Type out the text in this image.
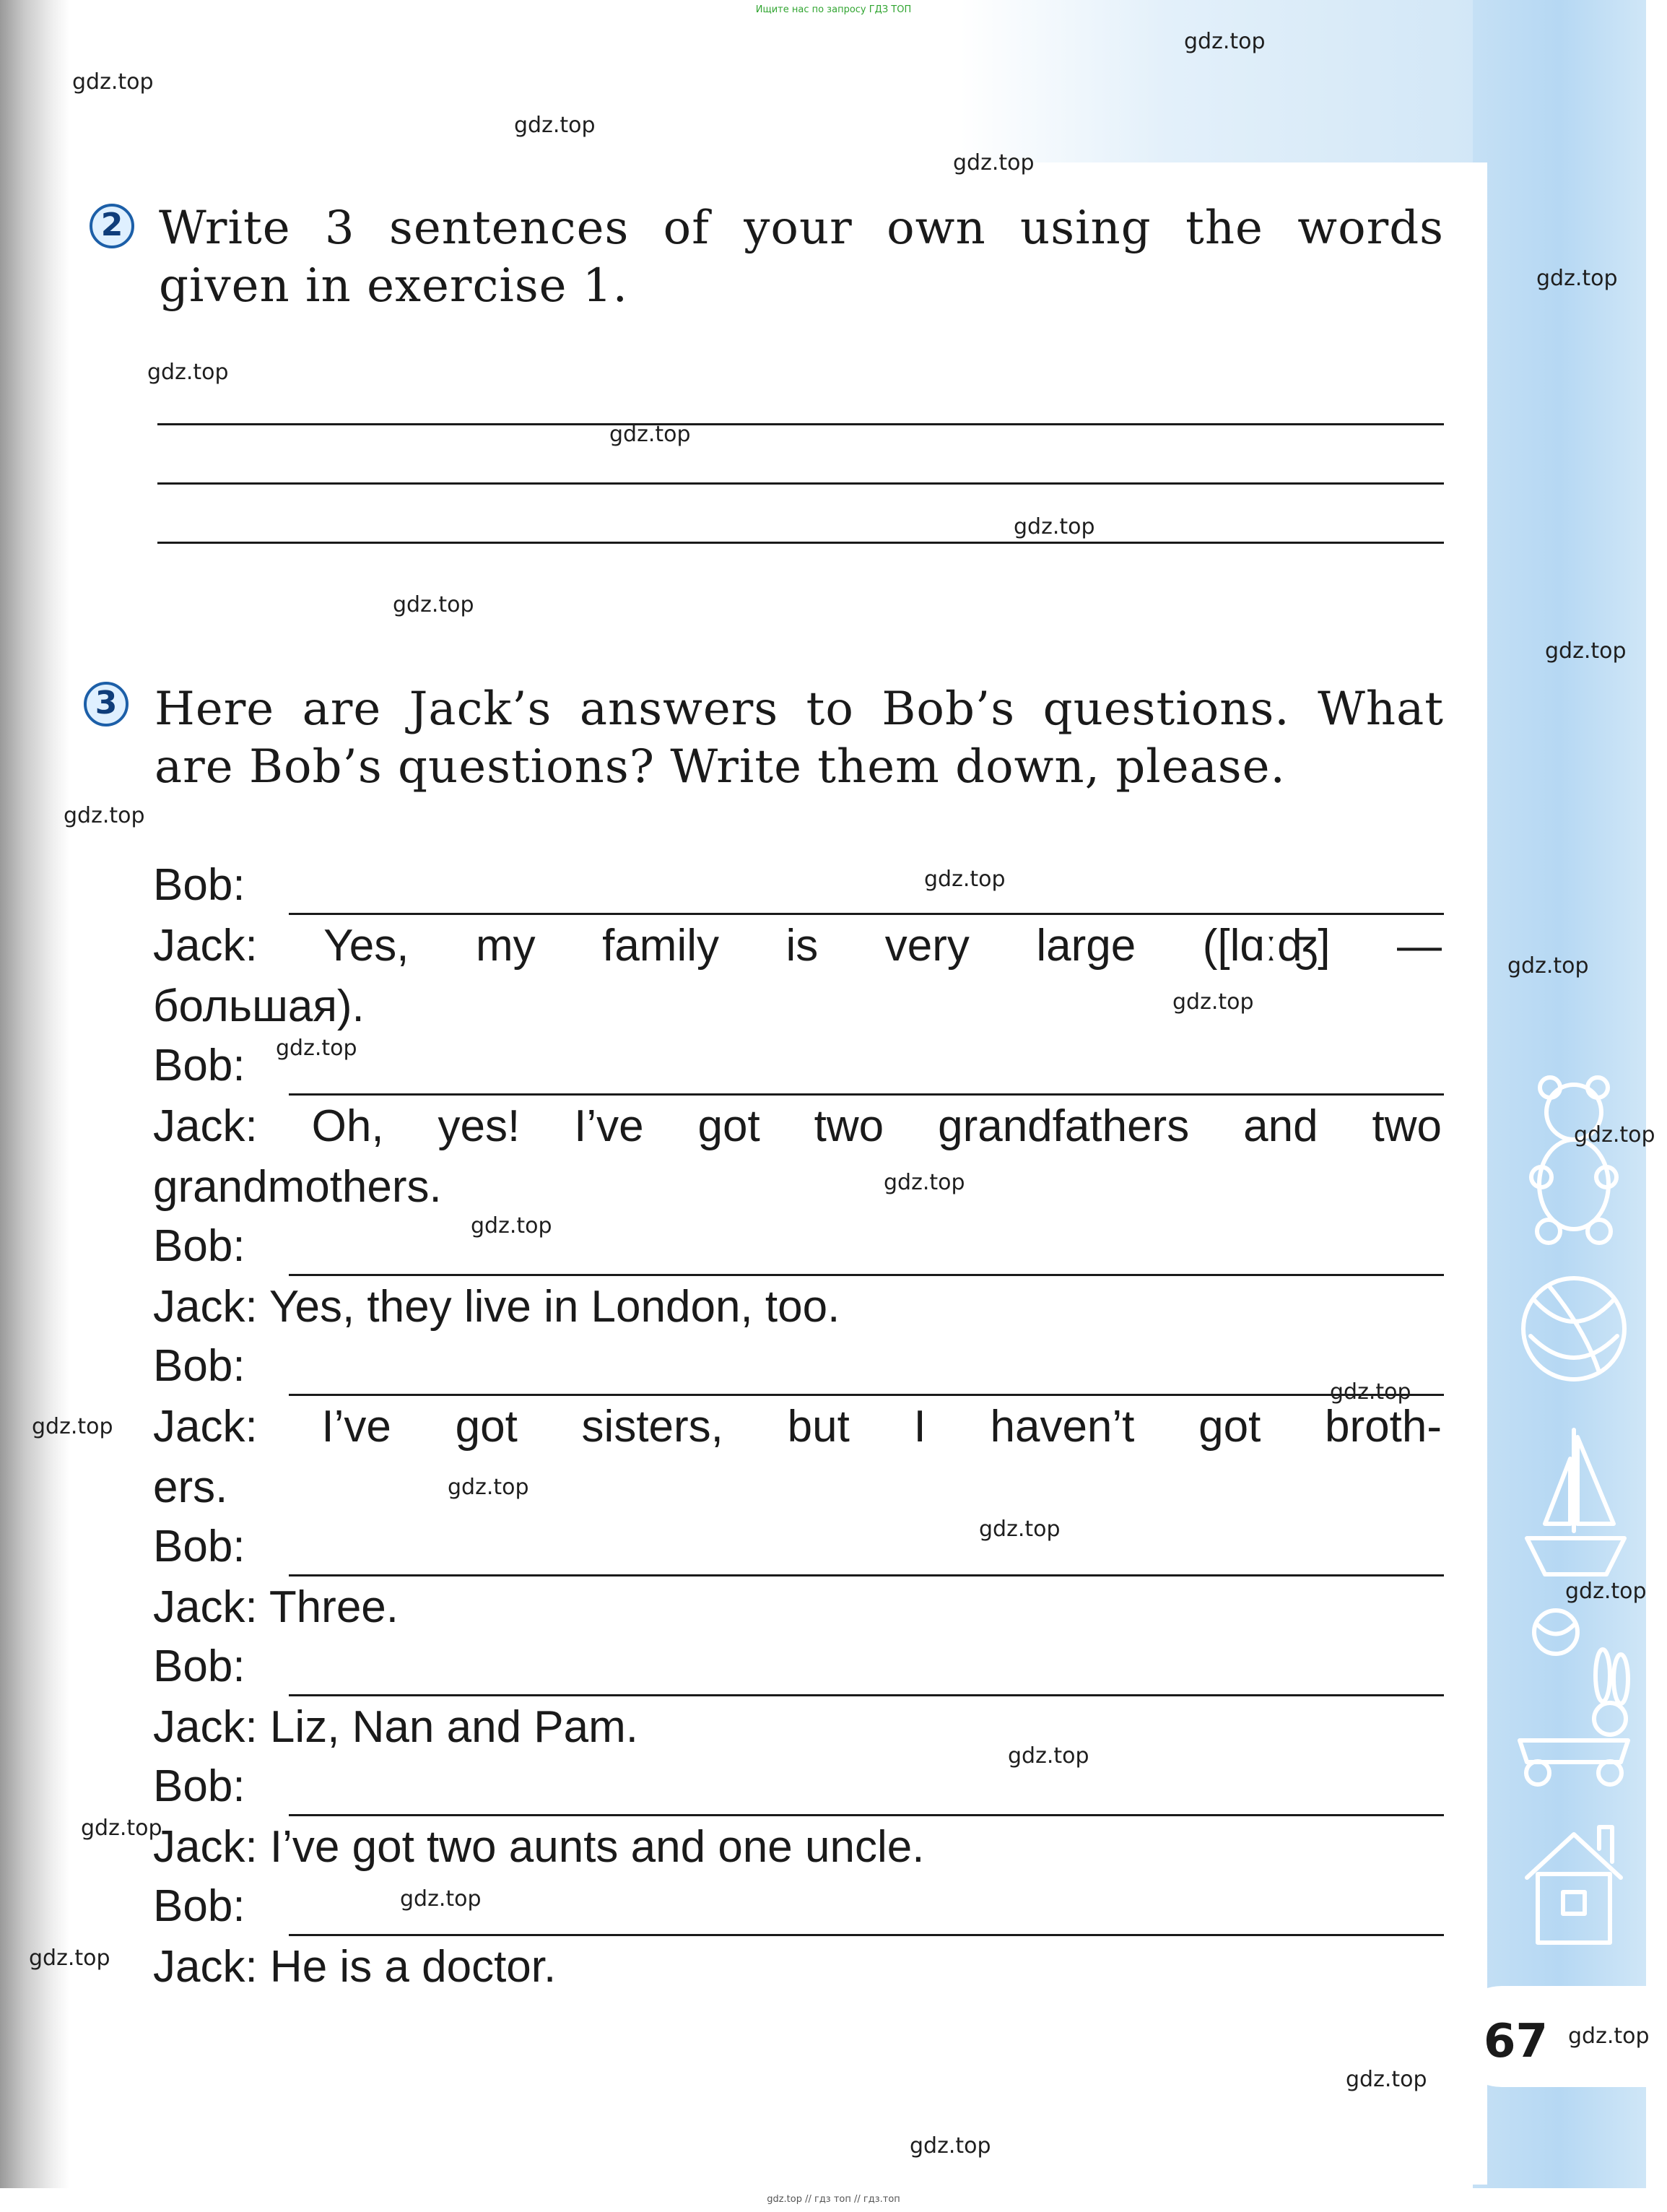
Ищите нас по запросу ГДЗ ТОП
gdz.top // гдз топ // гдз.топ
2 Write 3 sentences of your own using the words
given in exercise 1.
3 Here are Jack’s answers to Bob’s questions. What
are Bob’s questions? Write them down, please.
Bob:
Jack: Yes, my family is very large ([lɑːʤ] —
большая).
Bob:
Jack: Oh, yes! I’ve got two grandfathers and two
grandmothers.
Bob:
Jack: Yes, they live in London, too.
Bob:
Jack: I’ve got sisters, but I haven’t got broth-
ers.
Bob:
Jack: Three.
Bob:
Jack: Liz, Nan and Pam.
Bob:
Jack: I’ve got two aunts and one uncle.
Bob:
Jack: He is a doctor.
67
gdz.top
gdz.top
gdz.top
gdz.top
gdz.top
gdz.top
gdz.top
gdz.top
gdz.top
gdz.top
gdz.top
gdz.top
gdz.top
gdz.top
gdz.top
gdz.top
gdz.top
gdz.top
gdz.top
gdz.top
gdz.top
gdz.top
gdz.top
gdz.top
gdz.top
gdz.top
gdz.top
gdz.top
gdz.top
gdz.top
